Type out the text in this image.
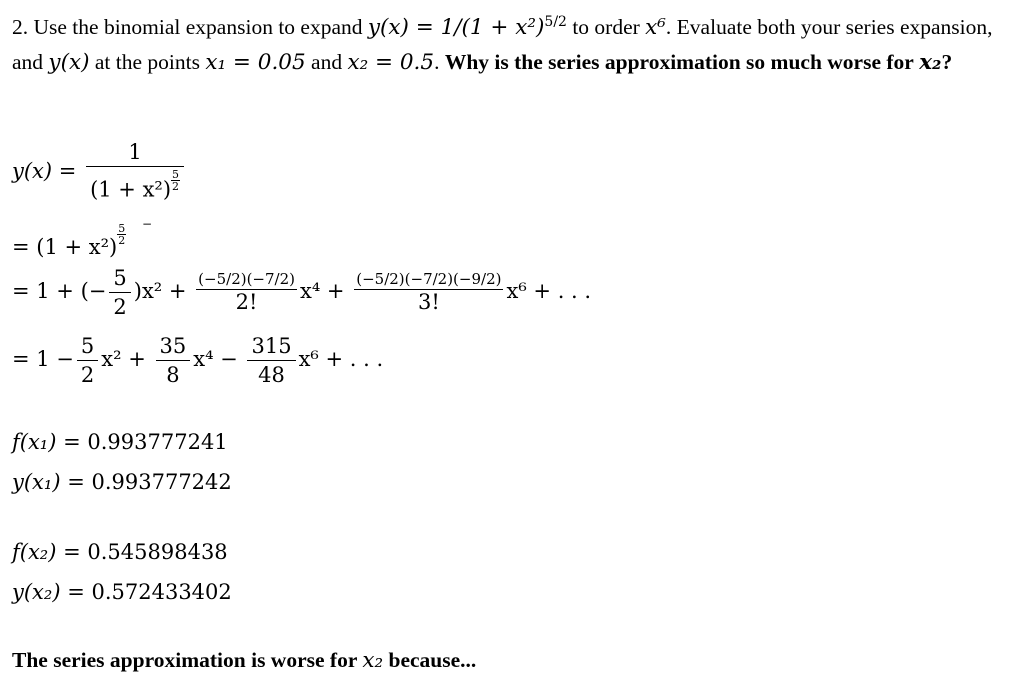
2. Use the binomial expansion to expand $y(x) = 1/(1 + x^2)^{5/2}$ to order x⁶. Evaluate both your series expansion, and y(x) at the points x₁ = 0.05 and x₂ = 0.5. Why is the series approximation so much worse for x₂?
$y(x) = \frac{1}{(1 + x^2) \frac{5}{2}}$
= (1 + x²)
$\frac{5}{2}$ −
= 1 + (− $\frac{5}{2} )x^2 + \frac{(-5/2)(-7/2)}{2!} x^4 + \frac{(-5/2)(-7/2)(-9/2)}{3!} x^6$ + . . .
= $1 - \frac{5}{2} x^2 + \frac{35}{8} x^4 - \frac{315}{48} x^6$ + . . .
f(x₁) = 0.993777241
y(x₁) = 0.993777242
f(x₂) = 0.545898438
y(x₂) = 0.572433402
The series approximation is worse for x₂ because...
